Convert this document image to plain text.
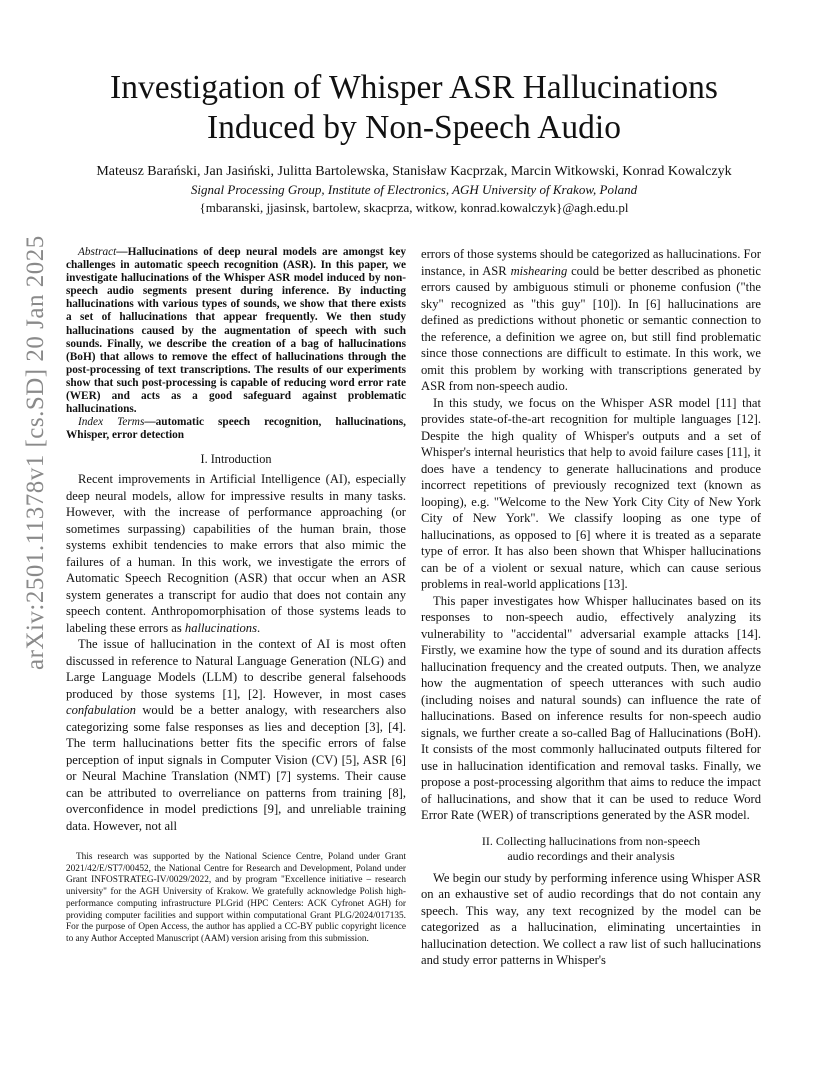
arXiv:2501.11378v1 [cs.SD] 20 Jan 2025
Investigation of Whisper ASR Hallucinations
Induced by Non-Speech Audio
Mateusz Barański, Jan Jasiński, Julitta Bartolewska, Stanisław Kacprzak, Marcin Witkowski, Konrad Kowalczyk
Signal Processing Group, Institute of Electronics, AGH University of Krakow, Poland
{mbaranski, jjasinsk, bartolew, skacprza, witkow, konrad.kowalczyk}@agh.edu.pl

Abstract—Hallucinations of deep neural models are amongst key challenges in automatic speech recognition (ASR). In this paper, we investigate hallucinations of the Whisper ASR model induced by non-speech audio segments present during inference. By inducting hallucinations with various types of sounds, we show that there exists a set of hallucinations that appear frequently. We then study hallucinations caused by the augmentation of speech with such sounds. Finally, we describe the creation of a bag of hallucinations (BoH) that allows to remove the effect of hallucinations through the post-processing of text transcriptions. The results of our experiments show that such post-processing is capable of reducing word error rate (WER) and acts as a good safeguard against problematic hallucinations.

Index Terms—automatic speech recognition, hallucinations, Whisper, error detection

I. Introduction

Recent improvements in Artificial Intelligence (AI), especially deep neural models, allow for impressive results in many tasks. However, with the increase of performance approaching (or sometimes surpassing) capabilities of the human brain, those systems exhibit tendencies to make errors that also mimic the failures of a human. In this work, we investigate the errors of Automatic Speech Recognition (ASR) that occur when an ASR system generates a transcript for audio that does not contain any speech content. Anthropomorphisation of those systems leads to labeling these errors as hallucinations.

The issue of hallucination in the context of AI is most often discussed in reference to Natural Language Generation (NLG) and Large Language Models (LLM) to describe general falsehoods produced by those systems [1], [2]. However, in most cases confabulation would be a better analogy, with researchers also categorizing some false responses as lies and deception [3], [4]. The term hallucinations better fits the specific errors of false perception of input signals in Computer Vision (CV) [5], ASR [6] or Neural Machine Translation (NMT) [7] systems. Their cause can be attributed to overreliance on patterns from training [8], overconfidence in model predictions [9], and unreliable training data. However, not all

This research was supported by the National Science Centre, Poland under Grant 2021/42/E/ST7/00452, the National Centre for Research and Development, Poland under Grant INFOSTRATEG-IV/0029/2022, and by program "Excellence initiative – research university" for the AGH University of Krakow. We gratefully acknowledge Polish high-performance computing infrastructure PLGrid (HPC Centers: ACK Cyfronet AGH) for providing computer facilities and support within computational Grant PLG/2024/017135. For the purpose of Open Access, the author has applied a CC-BY public copyright licence to any Author Accepted Manuscript (AAM) version arising from this submission.

errors of those systems should be categorized as hallucinations. For instance, in ASR mishearing could be better described as phonetic errors caused by ambiguous stimuli or phoneme confusion ("the sky" recognized as "this guy" [10]). In [6] hallucinations are defined as predictions without phonetic or semantic connection to the reference, a definition we agree on, but still find problematic since those connections are difficult to estimate. In this work, we omit this problem by working with transcriptions generated by ASR from non-speech audio.

In this study, we focus on the Whisper ASR model [11] that provides state-of-the-art recognition for multiple languages [12]. Despite the high quality of Whisper's outputs and a set of Whisper's internal heuristics that help to avoid failure cases [11], it does have a tendency to generate hallucinations and produce incorrect repetitions of previously recognized text (known as looping), e.g. "Welcome to the New York City City of New York City of New York". We classify looping as one type of hallucinations, as opposed to [6] where it is treated as a separate type of error. It has also been shown that Whisper hallucinations can be of a violent or sexual nature, which can cause serious problems in real-world applications [13].

This paper investigates how Whisper hallucinates based on its responses to non-speech audio, effectively analyzing its vulnerability to "accidental" adversarial example attacks [14]. Firstly, we examine how the type of sound and its duration affects hallucination frequency and the created outputs. Then, we analyze how the augmentation of speech utterances with such audio (including noises and natural sounds) can influence the rate of hallucinations. Based on inference results for non-speech audio signals, we further create a so-called Bag of Hallucinations (BoH). It consists of the most commonly hallucinated outputs filtered for use in hallucination identification and removal tasks. Finally, we propose a post-processing algorithm that aims to reduce the impact of hallucinations, and show that it can be used to reduce Word Error Rate (WER) of transcriptions generated by the ASR model.

II. Collecting hallucinations from non-speech
audio recordings and their analysis

We begin our study by performing inference using Whisper ASR on an exhaustive set of audio recordings that do not contain any speech. This way, any text recognized by the model can be categorized as a hallucination, eliminating uncertainties in hallucination detection. We collect a raw list of such hallucinations and study error patterns in Whisper's
